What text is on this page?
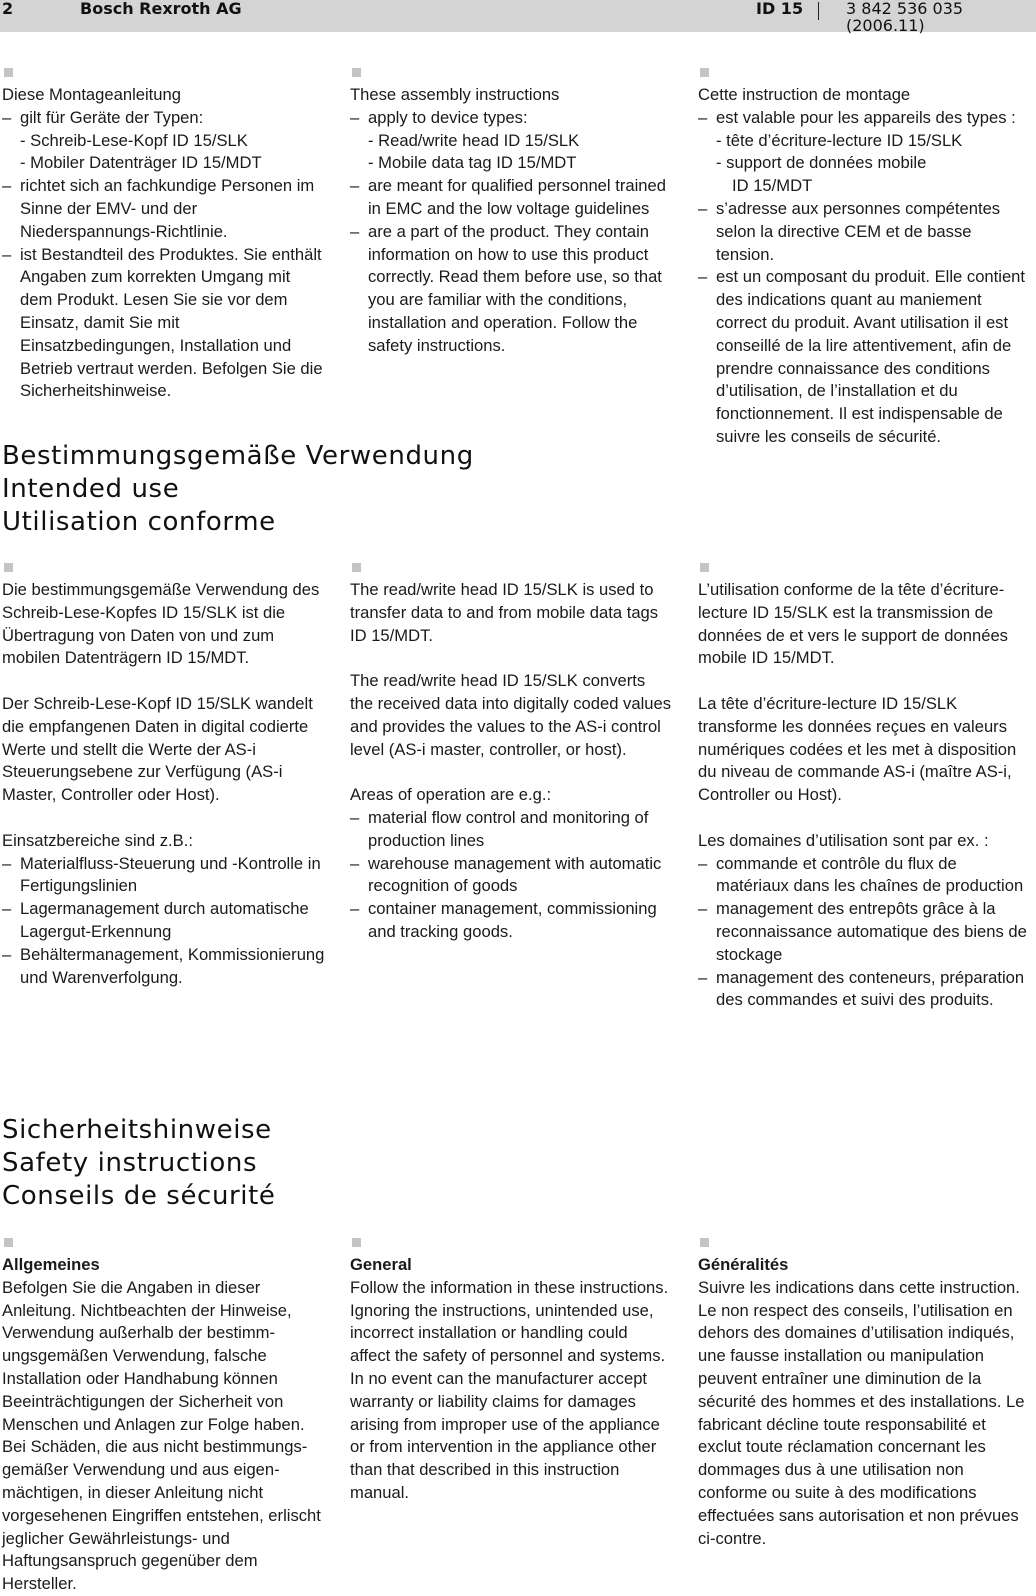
2	Bosch Rexroth AG	ID 15	3 842 536 035 (2006.11)

Diese Montageanleitung

– gilt für Geräte der Typen:
- Schreib-Lese-Kopf ID 15/SLK
- Mobiler Datenträger ID 15/MDT
– richtet sich an fachkundige Personen im Sinne der EMV- und der Niederspannungs-Richtlinie.
– ist Bestandteil des Produktes. Sie enthält Angaben zum korrekten Umgang mit dem Produkt. Lesen Sie sie vor dem Einsatz, damit Sie mit Einsatzbedingungen, Installation und Betrieb vertraut werden. Befolgen Sie die Sicherheitshinweise.

These assembly instructions

– apply to device types:
- Read/write head ID 15/SLK
- Mobile data tag ID 15/MDT
– are meant for qualified personnel trained in EMC and the low voltage guidelines
– are a part of the product. They contain information on how to use this product correctly. Read them before use, so that you are familiar with the conditions, installation and operation. Follow the safety instructions.

Cette instruction de montage

– est valable pour les appareils des types :
- tête d’écriture-lecture ID 15/SLK
- support de données mobile
ID 15/MDT
– s’adresse aux personnes compétentes selon la directive CEM et de basse tension.
– est un composant du produit. Elle contient des indications quant au maniement correct du produit. Avant utilisation il est conseillé de la lire attentivement, afin de prendre connaissance des conditions d’utilisation, de l’installation et du fonctionnement. Il est indispensable de suivre les conseils de sécurité.
Bestimmungsgemäße Verwendung
Intended use
Utilisation conforme

Die bestimmungsgemäße Verwendung des Schreib-Lese-Kopfes ID 15/SLK ist die Übertragung von Daten von und zum mobilen Datenträgern ID 15/MDT.

Der Schreib-Lese-Kopf ID 15/SLK wandelt die empfangenen Daten in digital codierte Werte und stellt die Werte der AS-i Steuerungsebene zur Verfügung (AS-i Master, Controller oder Host).

Einsatzbereiche sind z.B.:

– Materialfluss-Steuerung und -Kontrolle in Fertigungslinien
– Lagermanagement durch automatische Lagergut-Erkennung
– Behältermanagement, Kommissionierung und Warenverfolgung.

The read/write head ID 15/SLK is used to transfer data to and from mobile data tags ID 15/MDT.

The read/write head ID 15/SLK converts the received data into digitally coded values and provides the values to the AS-i control level (AS-i master, controller, or host).

Areas of operation are e.g.:

– material flow control and monitoring of production lines
– warehouse management with automatic recognition of goods
– container management, commissioning and tracking goods.

L’utilisation conforme de la tête d’écriture-lecture ID 15/SLK est la transmission de données de et vers le support de données mobile ID 15/MDT.

La tête d’écriture-lecture ID 15/SLK transforme les données reçues en valeurs numériques codées et les met à disposition du niveau de commande AS-i (maître AS-i, Controller ou Host).

Les domaines d’utilisation sont par ex. :

– commande et contrôle du flux de matériaux dans les chaînes de production
– management des entrepôts grâce à la reconnaissance automatique des biens de stockage
– management des conteneurs, préparation des commandes et suivi des produits.
Sicherheitshinweise
Safety instructions
Conseils de sécurité

Allgemeines

Befolgen Sie die Angaben in dieser Anleitung. Nichtbeachten der Hinweise, Verwendung außerhalb der bestimm-ungsgemäßen Verwendung, falsche Installation oder Handhabung können Beeinträchtigungen der Sicherheit von Menschen und Anlagen zur Folge haben. Bei Schäden, die aus nicht bestimmungs-gemäßer Verwendung und aus eigen-mächtigen, in dieser Anleitung nicht vorgesehenen Eingriffen entstehen, erlischt jeglicher Gewährleistungs- und Haftungsanspruch gegenüber dem Hersteller.

General

Follow the information in these instructions. Ignoring the instructions, unintended use, incorrect installation or handling could affect the safety of personnel and systems. In no event can the manufacturer accept warranty or liability claims for damages arising from improper use of the appliance or from intervention in the appliance other than that described in this instruction manual.

Généralités

Suivre les indications dans cette instruction. Le non respect des conseils, l’utilisation en dehors des domaines d’utilisation indiqués, une fausse installation ou manipulation peuvent entraîner une diminution de la sécurité des hommes et des installations. Le fabricant décline toute responsabilité et exclut toute réclamation concernant les dommages dus à une utilisation non conforme ou suite à des modifications effectuées sans autorisation et non prévues ci-contre.
